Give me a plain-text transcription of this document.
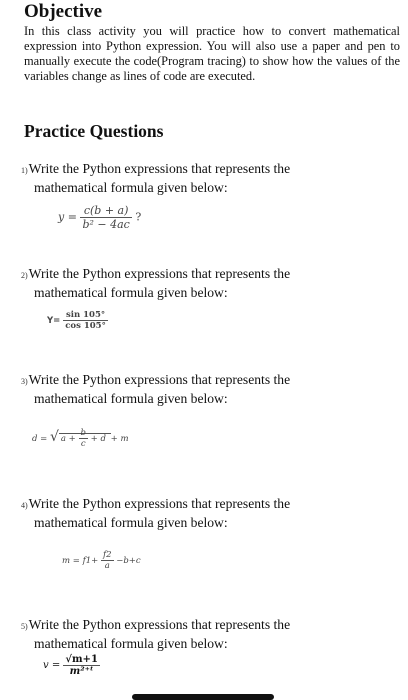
Objective
In this class activity you will practice how to convert mathematical expression into Python expression. You will also use a paper and pen to manually execute the code(Program tracing) to show how the values of the variables change as lines of code are executed.
Practice Questions
1)Write the Python expressions that represents the
mathematical formula given below:
$y = \frac{c(b + a)}{\text{b² − 4ac}}$ ?
2)Write the Python expressions that represents the
mathematical formula given below:
$Y= \frac{\sin 105^\circ}{\cos 105^\circ}$
3)Write the Python expressions that represents the
mathematical formula given below:
d = √ $a + \frac{b}{c} + d + m$
4)Write the Python expressions that represents the
mathematical formula given below:
$m = f1+ \frac{f2}{a} -b+c$
5)Write the Python expressions that represents the
mathematical formula given below:
$v = \frac{√m+1}{\text{m²⁺ᵗ}}$
